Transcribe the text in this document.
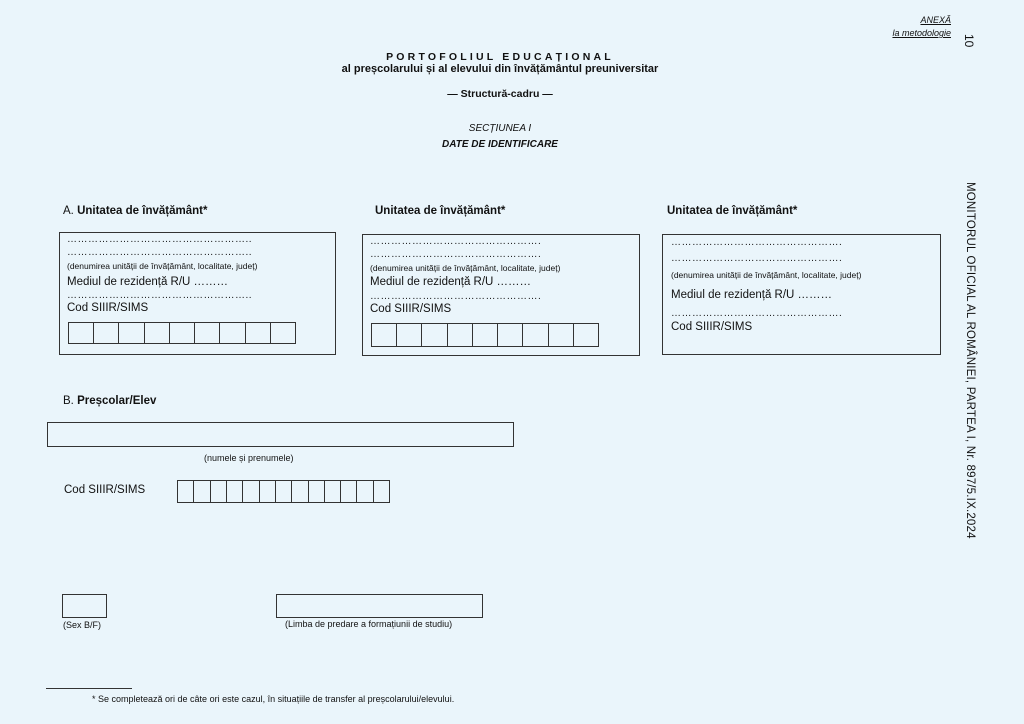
ANEXĂ
la metodologie
10
MONITORUL OFICIAL AL ROMÂNIEI, PARTEA I, Nr. 897/5.IX.2024
PORTOFOLIUL EDUCAȚIONAL
al preșcolarului și al elevului din învățământul preuniversitar
— Structură-cadru —
SECȚIUNEA I
DATE DE IDENTIFICARE
A. Unitatea de învățământ*	Unitatea de învățământ*	Unitatea de învățământ*
……………………………………………..
……………………………………………..
(denumirea unității de învățământ, localitate, județ)
Mediul de rezidență R/U ………
……………………………………………..
Cod SIIIR/SIMS
………………………………………….
………………………………………….
(denumirea unității de învățământ, localitate, județ)
Mediul de rezidență R/U ………
………………………………………….
Cod SIIIR/SIMS
………………………………………….
………………………………………….
(denumirea unității de învățământ, localitate, județ)
Mediul de rezidență R/U ………
………………………………………….
Cod SIIIR/SIMS
B. Preșcolar/Elev
(numele și prenumele)
Cod SIIIR/SIMS
(Sex B/F)	(Limba de predare a formațiunii de studiu)
* Se completează ori de câte ori este cazul, în situațiile de transfer al preșcolarului/elevului.
